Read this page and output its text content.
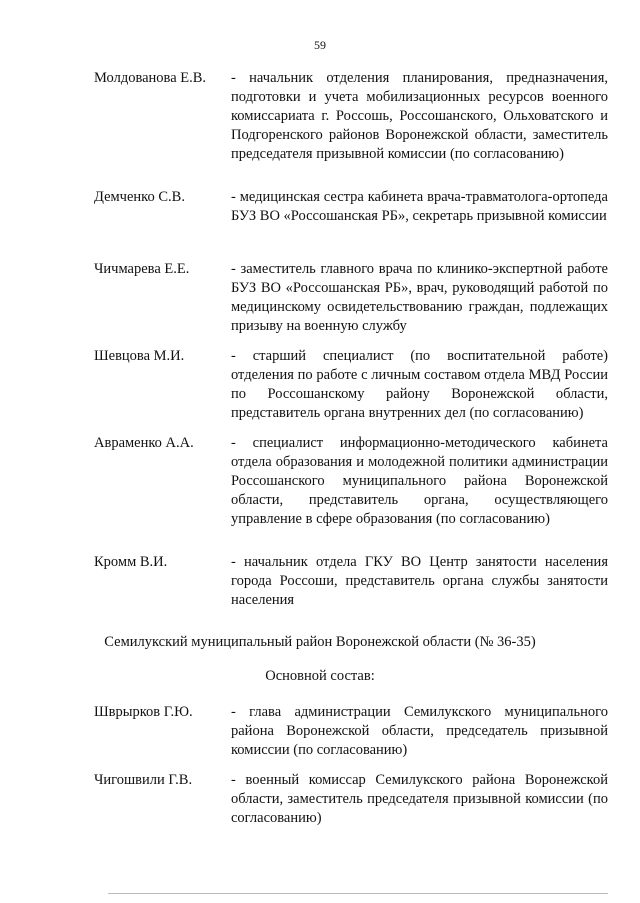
59
Молдованова Е.В. - начальник отделения планирования, предназначения, подготовки и учета мобилизационных ресурсов военного комиссариата г. Россошь, Россошанского, Ольховатского и Подгоренского районов Воронежской области, заместитель председателя призывной комиссии (по согласованию)
Демченко С.В.	- медицинская сестра кабинета врача-травматолога-ортопеда БУЗ ВО «Россошанская РБ», секретарь призывной комиссии
Чичмарева Е.Е.	- заместитель главного врача по клинико-экспертной работе БУЗ ВО «Россошанская РБ», врач, руководящий работой по медицинскому освидетельствованию граждан, подлежащих призыву на военную службу
Шевцова М.И.	- старший специалист (по воспитательной работе) отделения по работе с личным составом отдела МВД России по Россошанскому району Воронежской области, представитель органа внутренних дел (по согласованию)
Авраменко А.А.	- специалист информационно-методического кабинета отдела образования и молодежной политики администрации Россошанского муниципального района Воронежской области, представитель органа, осуществляющего управление в сфере образования (по согласованию)
Кромм В.И.	- начальник отдела ГКУ ВО Центр занятости населения города Россоши, представитель органа службы занятости населения
Семилукский муниципальный район Воронежской области (№ 36-35)
Основной состав:
Шврырков Г.Ю.	- глава администрации Семилукского муниципального района Воронежской области, председатель призывной комиссии (по согласованию)
Чигошвили Г.В.	- военный комиссар Семилукского района Воронежской области, заместитель председателя призывной комиссии (по согласованию)
